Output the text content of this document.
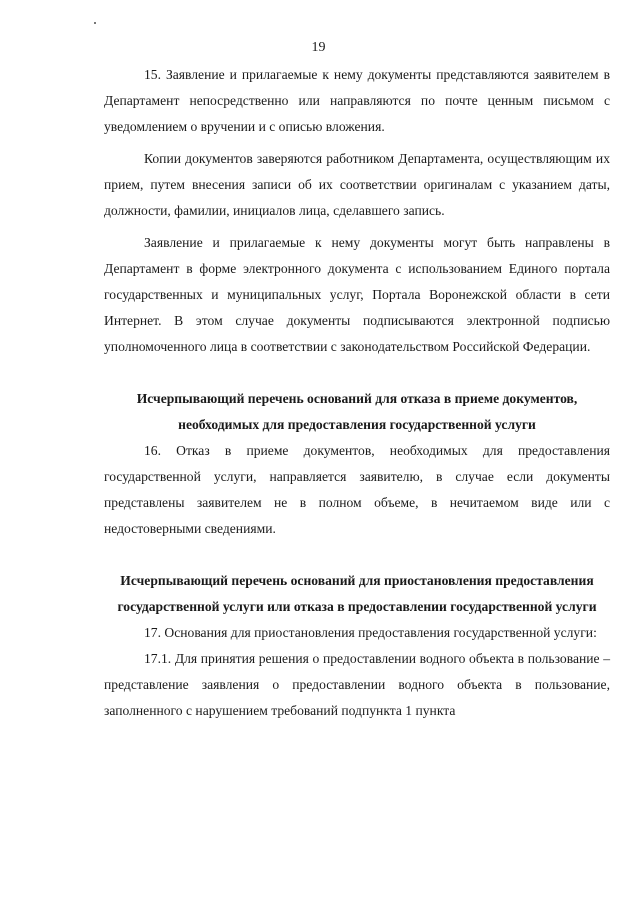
19

15. Заявление и прилагаемые к нему документы представляются заявителем в Департамент непосредственно или направляются по почте ценным письмом с уведомлением о вручении и с описью вложения.

Копии документов заверяются работником Департамента, осуществляющим их прием, путем внесения записи об их соответствии оригиналам с указанием даты, должности, фамилии, инициалов лица, сделавшего запись.

Заявление и прилагаемые к нему документы могут быть направлены в Департамент в форме электронного документа с использованием Единого портала государственных и муниципальных услуг, Портала Воронежской области в сети Интернет. В этом случае документы подписываются электронной подписью уполномоченного лица в соответствии с законодательством Российской Федерации.

Исчерпывающий перечень оснований для отказа в приеме документов, необходимых для предоставления государственной услуги

16. Отказ в приеме документов, необходимых для предоставления государственной услуги, направляется заявителю, в случае если документы представлены заявителем не в полном объеме, в нечитаемом виде или с недостоверными сведениями.

Исчерпывающий перечень оснований для приостановления предоставления государственной услуги или отказа в предоставлении государственной услуги

17. Основания для приостановления предоставления государственной услуги:

17.1. Для принятия решения о предоставлении водного объекта в пользование – представление заявления о предоставлении водного объекта в пользование, заполненного с нарушением требований подпункта 1 пункта
